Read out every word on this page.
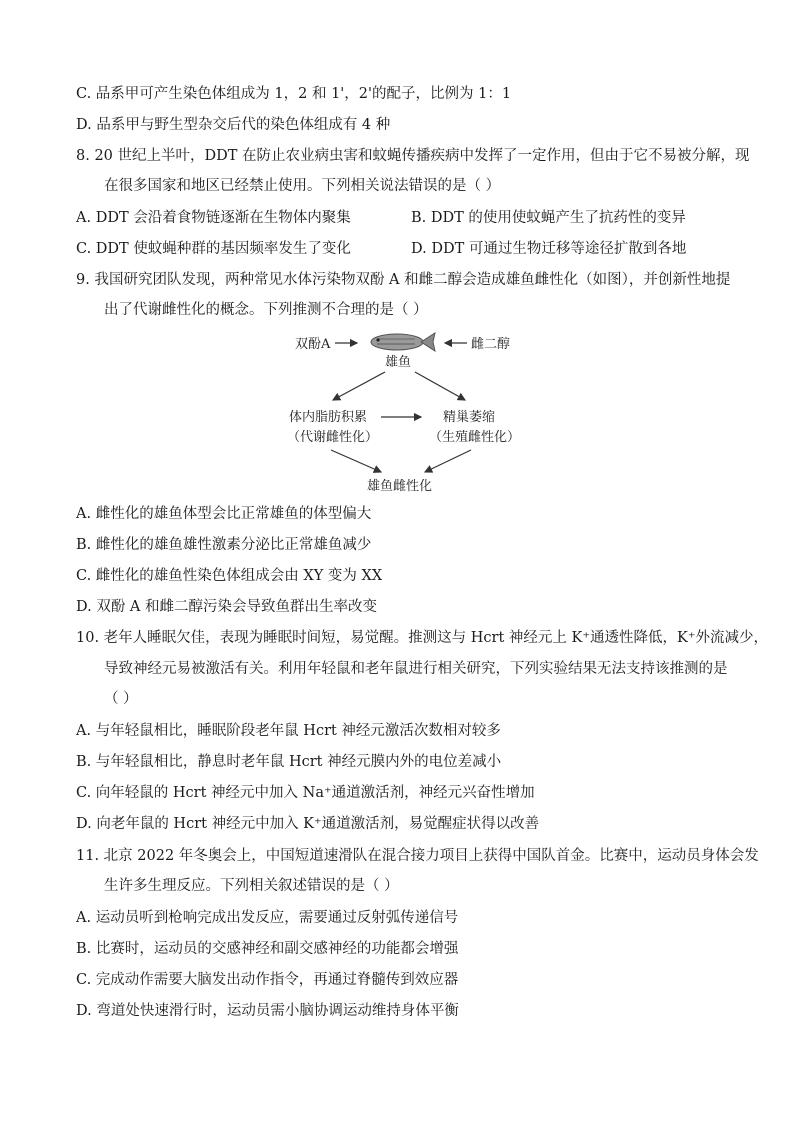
C. 品系甲可产生染色体组成为 1，2 和 1'，2'的配子，比例为 1：1
D. 品系甲与野生型杂交后代的染色体组成有 4 种
8. 20 世纪上半叶，DDT 在防止农业病虫害和蚊蝇传播疾病中发挥了一定作用，但由于它不易被分解，现
在很多国家和地区已经禁止使用。下列相关说法错误的是（ ）
A. DDT 会沿着食物链逐渐在生物体内聚集	B. DDT 的使用使蚊蝇产生了抗药性的变异
C. DDT 使蚊蝇种群的基因频率发生了变化	D. DDT 可通过生物迁移等途径扩散到各地
9. 我国研究团队发现，两种常见水体污染物双酚 A 和雌二醇会造成雄鱼雌性化（如图），并创新性地提
出了代谢雌性化的概念。下列推测不合理的是（ ）
双酚A	雌二醇
雄鱼
体内脂肪积累
（代谢雌性化）
精巢萎缩
（生殖雌性化）
雄鱼雌性化
A. 雌性化的雄鱼体型会比正常雄鱼的体型偏大
B. 雌性化的雄鱼雄性激素分泌比正常雄鱼减少
C. 雌性化的雄鱼性染色体组成会由 XY 变为 XX
D. 双酚 A 和雌二醇污染会导致鱼群出生率改变
10. 老年人睡眠欠佳，表现为睡眠时间短，易觉醒。推测这与 Hcrt 神经元上 K⁺通透性降低，K⁺外流减少，
导致神经元易被激活有关。利用年轻鼠和老年鼠进行相关研究，下列实验结果无法支持该推测的是
（ ）
A. 与年轻鼠相比，睡眠阶段老年鼠 Hcrt 神经元激活次数相对较多
B. 与年轻鼠相比，静息时老年鼠 Hcrt 神经元膜内外的电位差减小
C. 向年轻鼠的 Hcrt 神经元中加入 Na⁺通道激活剂，神经元兴奋性增加
D. 向老年鼠的 Hcrt 神经元中加入 K⁺通道激活剂，易觉醒症状得以改善
11. 北京 2022 年冬奥会上，中国短道速滑队在混合接力项目上获得中国队首金。比赛中，运动员身体会发
生许多生理反应。下列相关叙述错误的是（ ）
A. 运动员听到枪响完成出发反应，需要通过反射弧传递信号
B. 比赛时，运动员的交感神经和副交感神经的功能都会增强
C. 完成动作需要大脑发出动作指令，再通过脊髓传到效应器
D. 弯道处快速滑行时，运动员需小脑协调运动维持身体平衡
